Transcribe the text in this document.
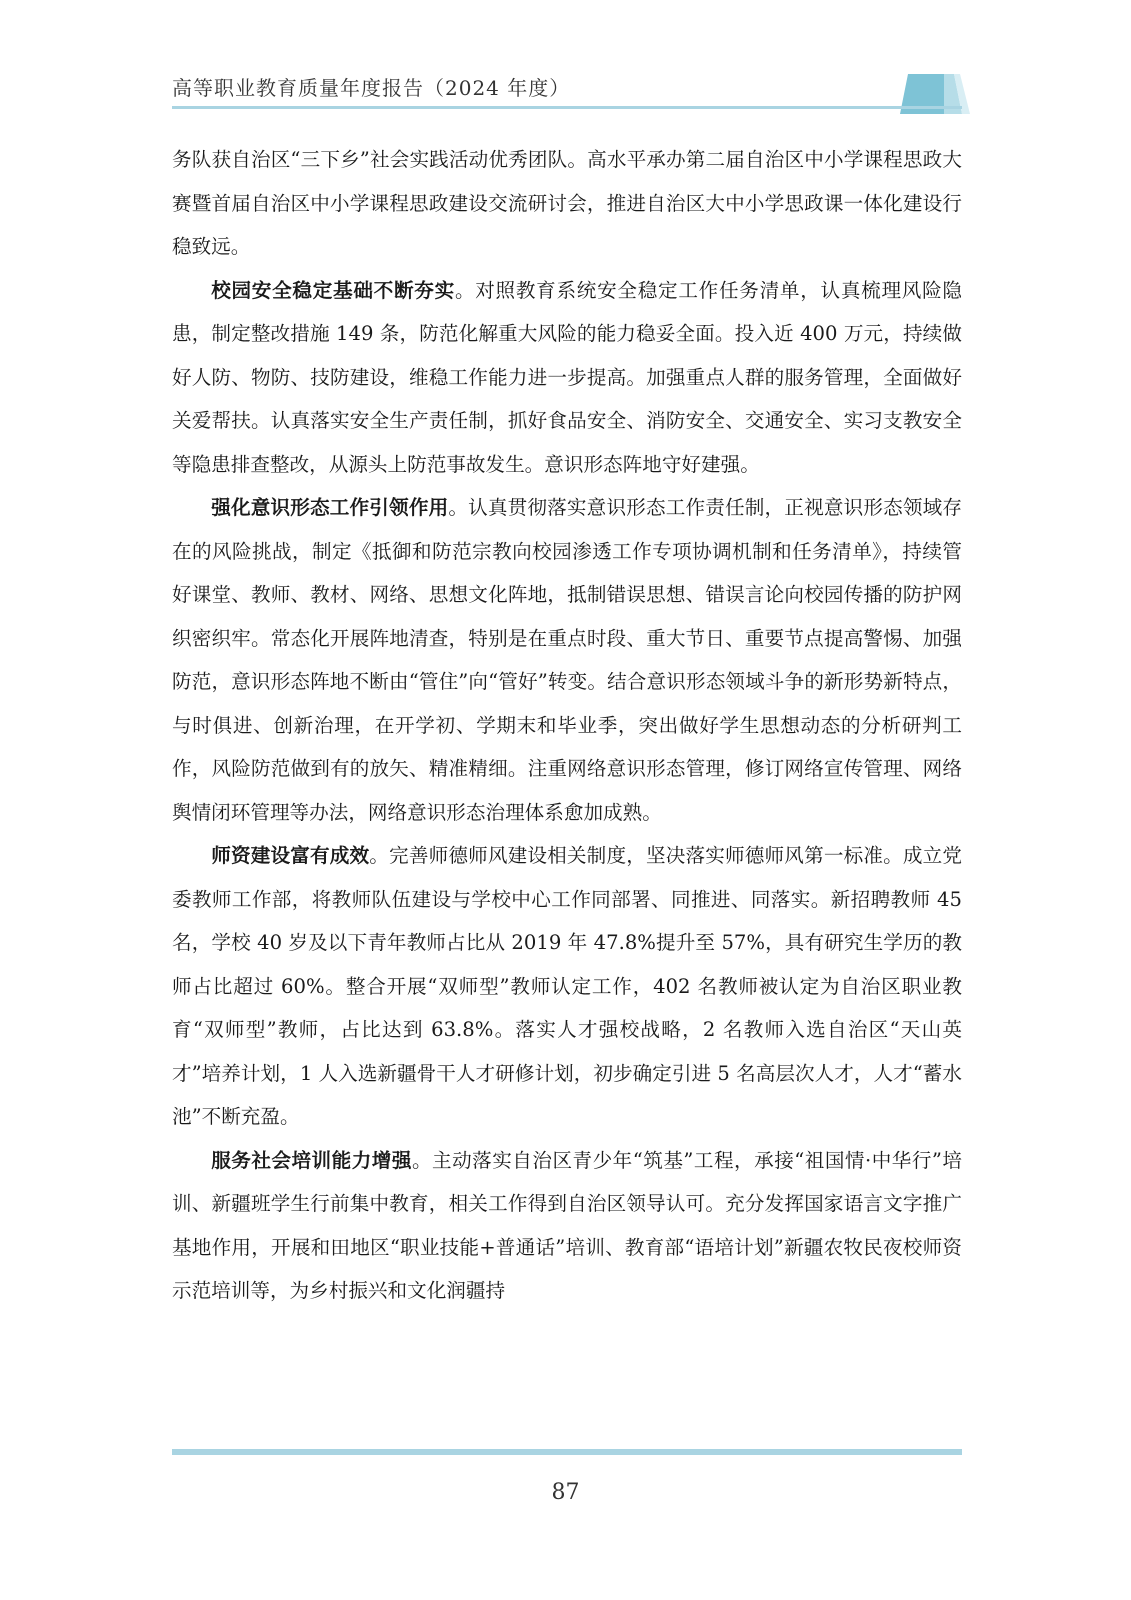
高等职业教育质量年度报告（2024 年度）

务队获自治区“三下乡”社会实践活动优秀团队。高水平承办第二届自治区中小学课程思政大赛暨首届自治区中小学课程思政建设交流研讨会，推进自治区大中小学思政课一体化建设行稳致远。

校园安全稳定基础不断夯实。对照教育系统安全稳定工作任务清单，认真梳理风险隐患，制定整改措施 149 条，防范化解重大风险的能力稳妥全面。投入近 400 万元，持续做好人防、物防、技防建设，维稳工作能力进一步提高。加强重点人群的服务管理，全面做好关爱帮扶。认真落实安全生产责任制，抓好食品安全、消防安全、交通安全、实习支教安全等隐患排查整改，从源头上防范事故发生。意识形态阵地守好建强。

强化意识形态工作引领作用。认真贯彻落实意识形态工作责任制，正视意识形态领域存在的风险挑战，制定《抵御和防范宗教向校园渗透工作专项协调机制和任务清单》，持续管好课堂、教师、教材、网络、思想文化阵地，抵制错误思想、错误言论向校园传播的防护网织密织牢。常态化开展阵地清查，特别是在重点时段、重大节日、重要节点提高警惕、加强防范，意识形态阵地不断由“管住”向“管好”转变。结合意识形态领域斗争的新形势新特点，与时俱进、创新治理，在开学初、学期末和毕业季，突出做好学生思想动态的分析研判工作，风险防范做到有的放矢、精准精细。注重网络意识形态管理，修订网络宣传管理、网络舆情闭环管理等办法，网络意识形态治理体系愈加成熟。

师资建设富有成效。完善师德师风建设相关制度，坚决落实师德师风第一标准。成立党委教师工作部，将教师队伍建设与学校中心工作同部署、同推进、同落实。新招聘教师 45 名，学校 40 岁及以下青年教师占比从 2019 年 47.8%提升至 57%，具有研究生学历的教师占比超过 60%。整合开展“双师型”教师认定工作，402 名教师被认定为自治区职业教育“双师型”教师，占比达到 63.8%。落实人才强校战略，2 名教师入选自治区“天山英才”培养计划，1 人入选新疆骨干人才研修计划，初步确定引进 5 名高层次人才，人才“蓄水池”不断充盈。

服务社会培训能力增强。主动落实自治区青少年“筑基”工程，承接“祖国情·中华行”培训、新疆班学生行前集中教育，相关工作得到自治区领导认可。充分发挥国家语言文字推广基地作用，开展和田地区“职业技能+普通话”培训、教育部“语培计划”新疆农牧民夜校师资示范培训等，为乡村振兴和文化润疆持

87
